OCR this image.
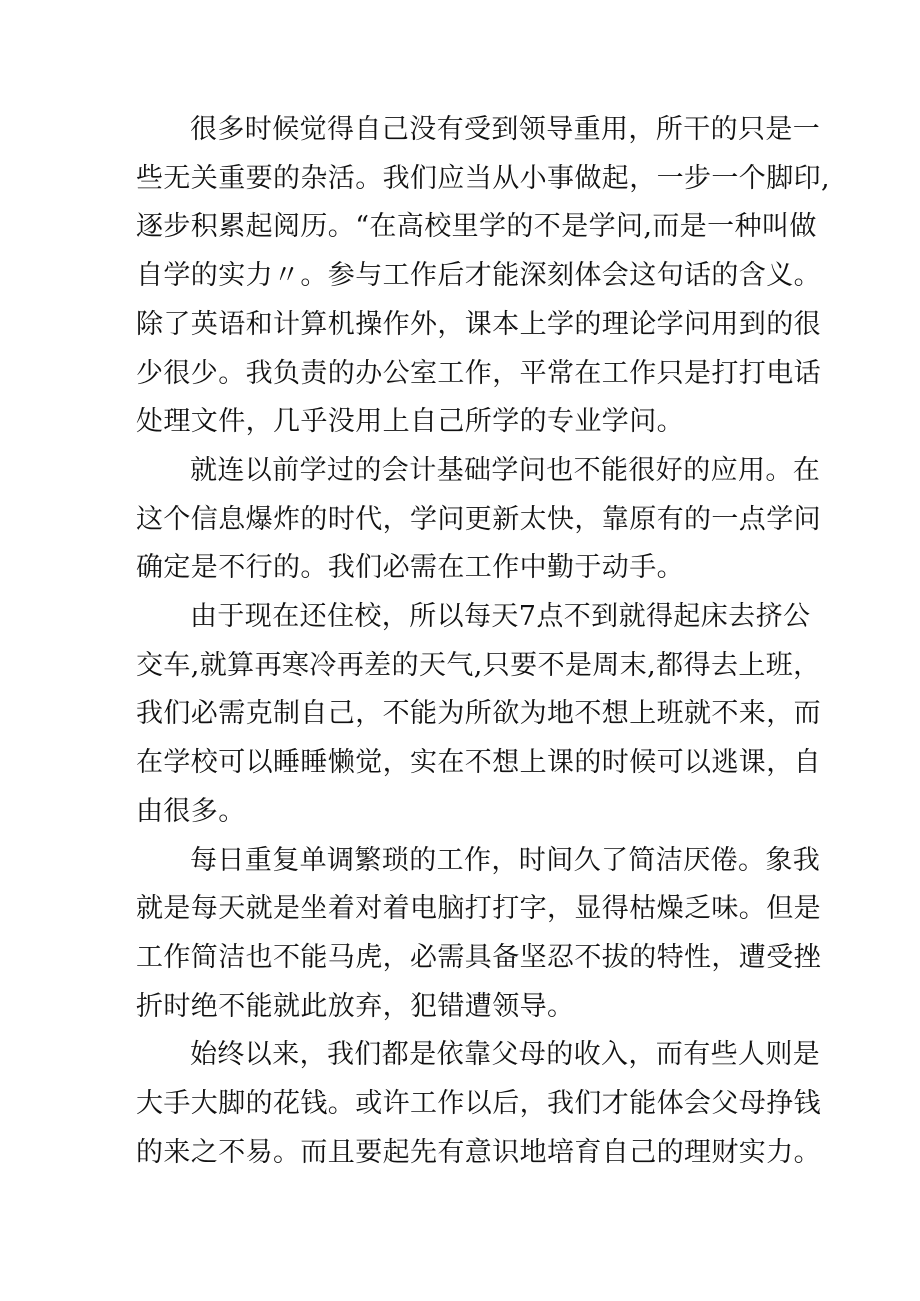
很多时候觉得自己没有受到领导重用，所干的只是一
些无关重要的杂活。我们应当从小事做起，一步一个脚印,
逐步积累起阅历。“在高校里学的不是学问,而是一种叫做
自学的实力〃。参与工作后才能深刻体会这句话的含义。
除了英语和计算机操作外，课本上学的理论学问用到的很
少很少。我负责的办公室工作，平常在工作只是打打电话
处理文件，几乎没用上自己所学的专业学问。
就连以前学过的会计基础学问也不能很好的应用。在
这个信息爆炸的时代，学问更新太快，靠原有的一点学问
确定是不行的。我们必需在工作中勤于动手。
由于现在还住校，所以每天7点不到就得起床去挤公
交车,就算再寒冷再差的天气,只要不是周末,都得去上班，
我们必需克制自己，不能为所欲为地不想上班就不来，而
在学校可以睡睡懒觉，实在不想上课的时候可以逃课，自
由很多。
每日重复单调繁琐的工作，时间久了简洁厌倦。象我
就是每天就是坐着对着电脑打打字，显得枯燥乏味。但是
工作简洁也不能马虎，必需具备坚忍不拔的特性，遭受挫
折时绝不能就此放弃，犯错遭领导。
始终以来，我们都是依靠父母的收入，而有些人则是
大手大脚的花钱。或许工作以后，我们才能体会父母挣钱
的来之不易。而且要起先有意识地培育自己的理财实力。
